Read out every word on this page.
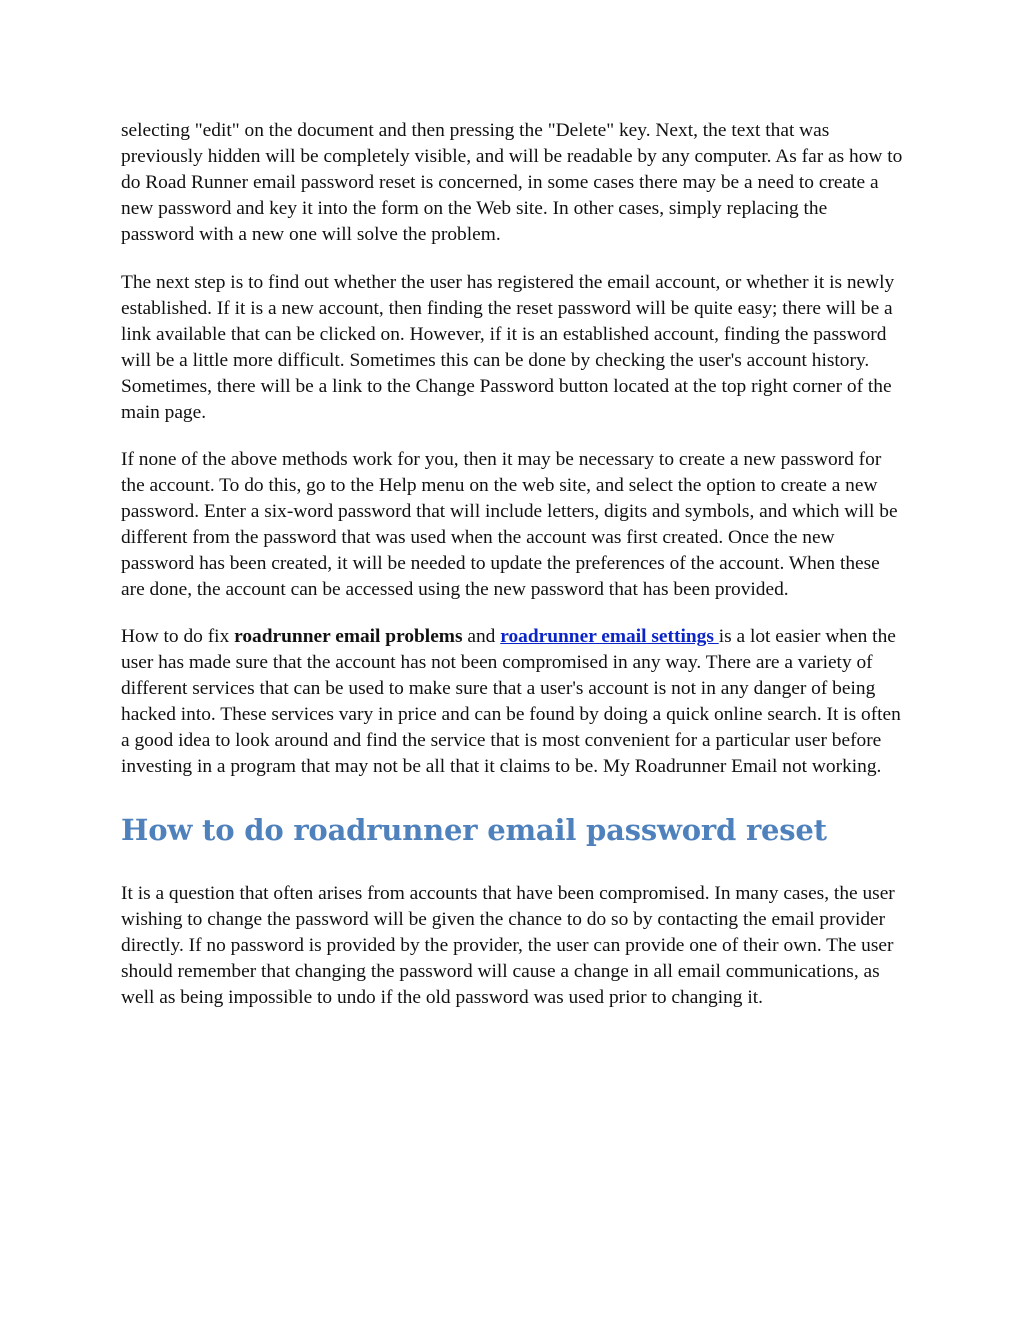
selecting "edit" on the document and then pressing the "Delete" key. Next, the text that was previously hidden will be completely visible, and will be readable by any computer. As far as how to do Road Runner email password reset is concerned, in some cases there may be a need to create a new password and key it into the form on the Web site. In other cases, simply replacing the password with a new one will solve the problem.

The next step is to find out whether the user has registered the email account, or whether it is newly established. If it is a new account, then finding the reset password will be quite easy; there will be a link available that can be clicked on. However, if it is an established account, finding the password will be a little more difficult. Sometimes this can be done by checking the user's account history. Sometimes, there will be a link to the Change Password button located at the top right corner of the main page.

If none of the above methods work for you, then it may be necessary to create a new password for the account. To do this, go to the Help menu on the web site, and select the option to create a new password. Enter a six-word password that will include letters, digits and symbols, and which will be different from the password that was used when the account was first created. Once the new password has been created, it will be needed to update the preferences of the account. When these are done, the account can be accessed using the new password that has been provided.

How to do fix roadrunner email problems and roadrunner email settings is a lot easier when the user has made sure that the account has not been compromised in any way. There are a variety of different services that can be used to make sure that a user's account is not in any danger of being hacked into. These services vary in price and can be found by doing a quick online search. It is often a good idea to look around and find the service that is most convenient for a particular user before investing in a program that may not be all that it claims to be. My Roadrunner Email not working.

How to do roadrunner email password reset

It is a question that often arises from accounts that have been compromised. In many cases, the user wishing to change the password will be given the chance to do so by contacting the email provider directly. If no password is provided by the provider, the user can provide one of their own. The user should remember that changing the password will cause a change in all email communications, as well as being impossible to undo if the old password was used prior to changing it.
